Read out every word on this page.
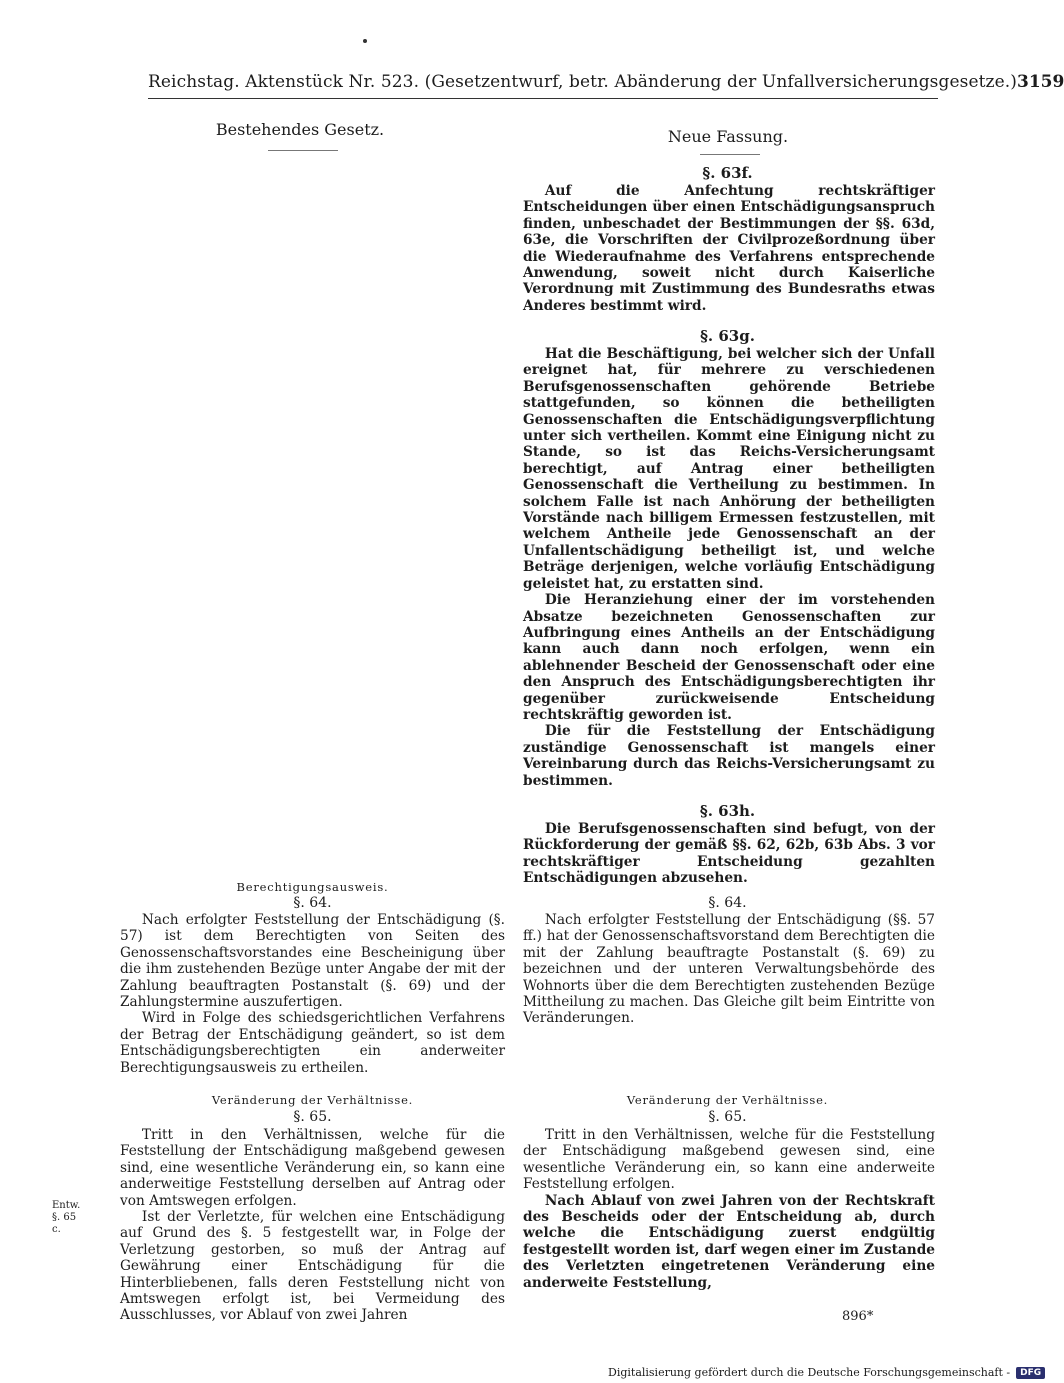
Reichstag. Aktenstück Nr. 523. (Gesetzentwurf, betr. Abänderung der Unfallversicherungsgesetze.) 3159
Bestehendes Gesetz.	Neue Fassung.
§. 63f.

Auf die Anfechtung rechtskräftiger Entscheidungen über einen Entschädigungsanspruch finden, unbeschadet der Bestimmungen der §§. 63d, 63e, die Vorschriften der Civilprozeßordnung über die Wiederaufnahme des Verfahrens entsprechende Anwendung, soweit nicht durch Kaiserliche Verordnung mit Zustimmung des Bundesraths etwas Anderes bestimmt wird.

§. 63g.

Hat die Beschäftigung, bei welcher sich der Unfall ereignet hat, für mehrere zu verschiedenen Berufsgenossenschaften gehörende Betriebe stattgefunden, so können die betheiligten Genossenschaften die Entschädigungsverpflichtung unter sich vertheilen. Kommt eine Einigung nicht zu Stande, so ist das Reichs-Versicherungsamt berechtigt, auf Antrag einer betheiligten Genossenschaft die Vertheilung zu bestimmen. In solchem Falle ist nach Anhörung der betheiligten Vorstände nach billigem Ermessen festzustellen, mit welchem Antheile jede Genossenschaft an der Unfallentschädigung betheiligt ist, und welche Beträge derjenigen, welche vorläufig Entschädigung geleistet hat, zu erstatten sind.

Die Heranziehung einer der im vorstehenden Absatze bezeichneten Genossenschaften zur Aufbringung eines Antheils an der Entschädigung kann auch dann noch erfolgen, wenn ein ablehnender Bescheid der Genossenschaft oder eine den Anspruch des Entschädigungsberechtigten ihr gegenüber zurückweisende Entscheidung rechtskräftig geworden ist.

Die für die Feststellung der Entschädigung zuständige Genossenschaft ist mangels einer Vereinbarung durch das Reichs-Versicherungsamt zu bestimmen.

§. 63h.

Die Berufsgenossenschaften sind befugt, von der Rückforderung der gemäß §§. 62, 62b, 63b Abs. 3 vor rechtskräftiger Entscheidung gezahlten Entschädigungen abzusehen.

Berechtigungsausweis.
§. 64.

Nach erfolgter Feststellung der Entschädigung (§. 57) ist dem Berechtigten von Seiten des Genossenschaftsvorstandes eine Bescheinigung über die ihm zustehenden Bezüge unter Angabe der mit der Zahlung beauftragten Postanstalt (§. 69) und der Zahlungstermine auszufertigen.

Wird in Folge des schiedsgerichtlichen Verfahrens der Betrag der Entschädigung geändert, so ist dem Entschädigungsberechtigten ein anderweiter Berechtigungsausweis zu ertheilen.

§. 64.

Nach erfolgter Feststellung der Entschädigung (§§. 57 ff.) hat der Genossenschaftsvorstand dem Berechtigten die mit der Zahlung beauftragte Postanstalt (§. 69) zu bezeichnen und der unteren Verwaltungsbehörde des Wohnorts über die dem Berechtigten zustehenden Bezüge Mittheilung zu machen. Das Gleiche gilt beim Eintritte von Veränderungen.

Veränderung der Verhältnisse.
§. 65.

Tritt in den Verhältnissen, welche für die Feststellung der Entschädigung maßgebend gewesen sind, eine wesentliche Veränderung ein, so kann eine anderweitige Feststellung derselben auf Antrag oder von Amtswegen erfolgen.

Ist der Verletzte, für welchen eine Entschädigung auf Grund des §. 5 festgestellt war, in Folge der Verletzung gestorben, so muß der Antrag auf Gewährung einer Entschädigung für die Hinterbliebenen, falls deren Feststellung nicht von Amtswegen erfolgt ist, bei Vermeidung des Ausschlusses, vor Ablauf von zwei Jahren

Entw. §. 65 c.
Veränderung der Verhältnisse.
§. 65.

Tritt in den Verhältnissen, welche für die Feststellung der Entschädigung maßgebend gewesen sind, eine wesentliche Veränderung ein, so kann eine anderweite Feststellung erfolgen.

Nach Ablauf von zwei Jahren von der Rechtskraft des Bescheids oder der Entscheidung ab, durch welche die Entschädigung zuerst endgültig festgestellt worden ist, darf wegen einer im Zustande des Verletzten eingetretenen Veränderung eine anderweite Feststellung,

896*
Digitalisierung gefördert durch die Deutsche Forschungsgemeinschaft -	DFG
